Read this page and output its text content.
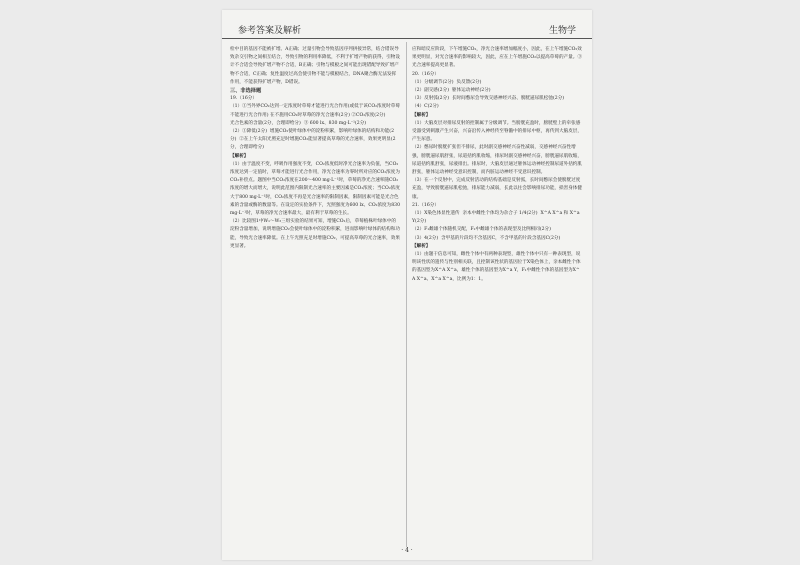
参考答案及解析	生物学
检中目的基因不能被扩增。A正确；过量引物会导致基因序列拼接异常，结合错误导致杂交引物之间相互结合，导致引物的利用率降低，不利于扩增产物的获得，引物设计不合适会导致扩增产物不合适，B正确；引物与模板之间可能出现错配导致扩增产物不合适，C正确；复性温度过高会使引物不能与模板结合，DNA聚合酶无法发挥作用，不能获得扩增产物，D错误。
三、非选择题
19.（16分）
（1）①当外界CO₂达到一定浓度时草莓才能进行光合作用(或低于该CO₂浓度时草莓不能进行光合作用) 在不施用CO₂时草莓的净光合速率(2分) ②CO₂浓度(2分)
光合色素的含量(2分，合理即给分)  ③ 600 lx、830 mg·L⁻¹(2分)
（2）①降低(2分)  增施CO₂使叶绿体中的淀粉积累，影响叶绿体的结构和功能(2分)  ②在上午太阳光照充足时增施CO₂能显著提高草莓的光合速率，效果更明显(2分，合理即给分)
【解析】
（1）由于温度不变，呼吸作用强度不变，CO₂浓度低时净光合速率为负值，当CO₂浓度达到一定值时，草莓才能进行光合作用，净光合速率为零时所对应的CO₂浓度为CO₂补偿点。题图中当CO₂浓度在200～400 mg·L⁻¹时，草莓的净光合速率随CO₂浓度的增大而增大，说明此范围内限制光合速率的主要因素是CO₂浓度；当CO₂浓度大于800 mg·L⁻¹时，CO₂浓度不再是光合速率的限制因素，限制因素可能是光合色素的含量或酶的数量等。在设定的实验条件下，光照强度为600 lx、CO₂浓度为830 mg·L⁻¹时，草莓的净光合速率最大，最有利于草莓的生长。
（2）比较图1中W₁～W₃三组实验的结果可知，增施CO₂后，草莓植株叶绿体中的淀粉含量增加，说明增施CO₂会使叶绿体中的淀粉积累，进而影响叶绿体的结构和功能，导致光合速率降低。在上午光照充足时增施CO₂，可提高草莓的光合速率，效果更显著。
应和暗反应阶段，下午增施CO₂，净光合速率增加幅度小，因此，在上午增施CO₂效果更明显，对光合速率的影响较大，因此，应在上午增施CO₂以提高草莓的产量。③光合速率提高更显著。
20.（16分）
（1）分级调节(2分)  负反馈(2分)
（2）副交感(2分)  躯体运动神经(2分)
（3）反射弧(2分)  长时间憋尿会导致交感神经兴奋、膀胱逼尿肌松弛(2分)
（4）C(2分)
【解析】
（1）大脑皮层对排尿反射的控制属于分级调节。当膀胱充盈时，膀胱壁上的牵张感受器受到刺激产生兴奋，兴奋沿传入神经传至脊髓中的排尿中枢，再传到大脑皮层，产生尿意。
（2）憋尿时膀胱扩张但不排尿，此时副交感神经兴奋性减弱，交感神经兴奋性增强，膀胱逼尿肌舒张，尿道括约肌收缩，排尿时副交感神经兴奋，膀胱逼尿肌收缩，尿道括约肌舒张，尿液排出。排尿时，大脑皮层通过躯体运动神经控制尿道外括约肌舒张，躯体运动神经受意识控制，而内脏运动神经不受意识控制。
（3）在一个反射中，完成反射活动的结构基础是反射弧，长时间憋尿会使膀胱过度充盈，导致膀胱逼尿肌松弛，排尿能力减弱，长此以往会影响排尿功能，损害身体健康。
21.（16分）
（1）X染色体显性遗传  亲本中雌性个体均为杂合子 1/4(2分)  X^A X^a 和 X^a Y(2分)
（2）F₁雌雄个体随机交配，F₂中雌雄个体的表现型及比例相同(2分)
（3）4(2分)  含甲基的片段均不含基因C，不含甲基的片段含基因C(2分)
【解析】
（1）由题干信息可知，雌性个体中有两种表现型，雄性个体中只有一种表现型，说明该性状的遗传与性别相关联，且控制该性状的基因位于X染色体上，亲本雌性个体的基因型为X^A X^a，雄性个体的基因型为X^a Y，F₁中雌性个体的基因型为X^A X^a、X^a X^a，比例为1：1。
· 4 ·
